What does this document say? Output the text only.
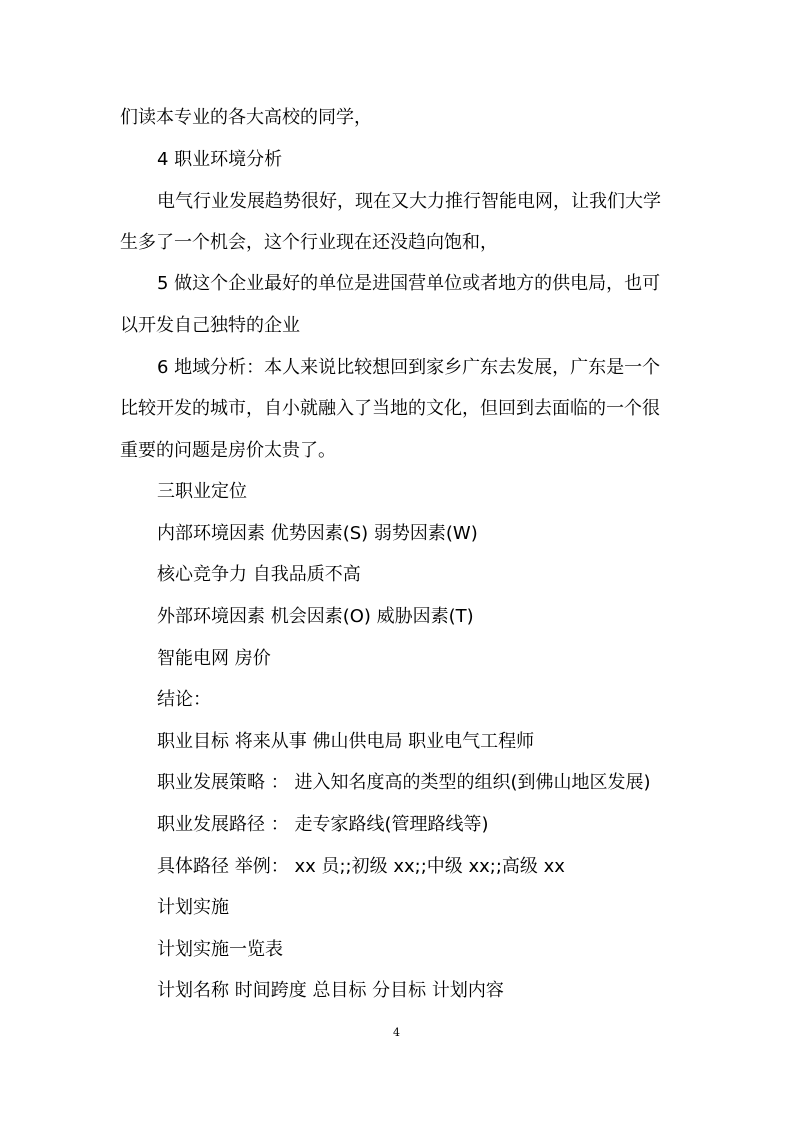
们读本专业的各大高校的同学，

4 职业环境分析

电气行业发展趋势很好，现在又大力推行智能电网，让我们大学

生多了一个机会，这个行业现在还没趋向饱和，

5 做这个企业最好的单位是进国营单位或者地方的供电局，也可

以开发自己独特的企业

6 地域分析：本人来说比较想回到家乡广东去发展，广东是一个

比较开发的城市，自小就融入了当地的文化，但回到去面临的一个很

重要的问题是房价太贵了。

三职业定位

内部环境因素 优势因素(S) 弱势因素(W)

核心竞争力 自我品质不高

外部环境因素 机会因素(O) 威胁因素(T)

智能电网 房价

结论：

职业目标 将来从事 佛山供电局 职业电气工程师

职业发展策略 ： 进入知名度高的类型的组织(到佛山地区发展)

职业发展路径 ： 走专家路线(管理路线等)

具体路径 举例： xx 员;;初级 xx;;中级 xx;;高级 xx

计划实施

计划实施一览表

计划名称 时间跨度 总目标 分目标 计划内容

4
